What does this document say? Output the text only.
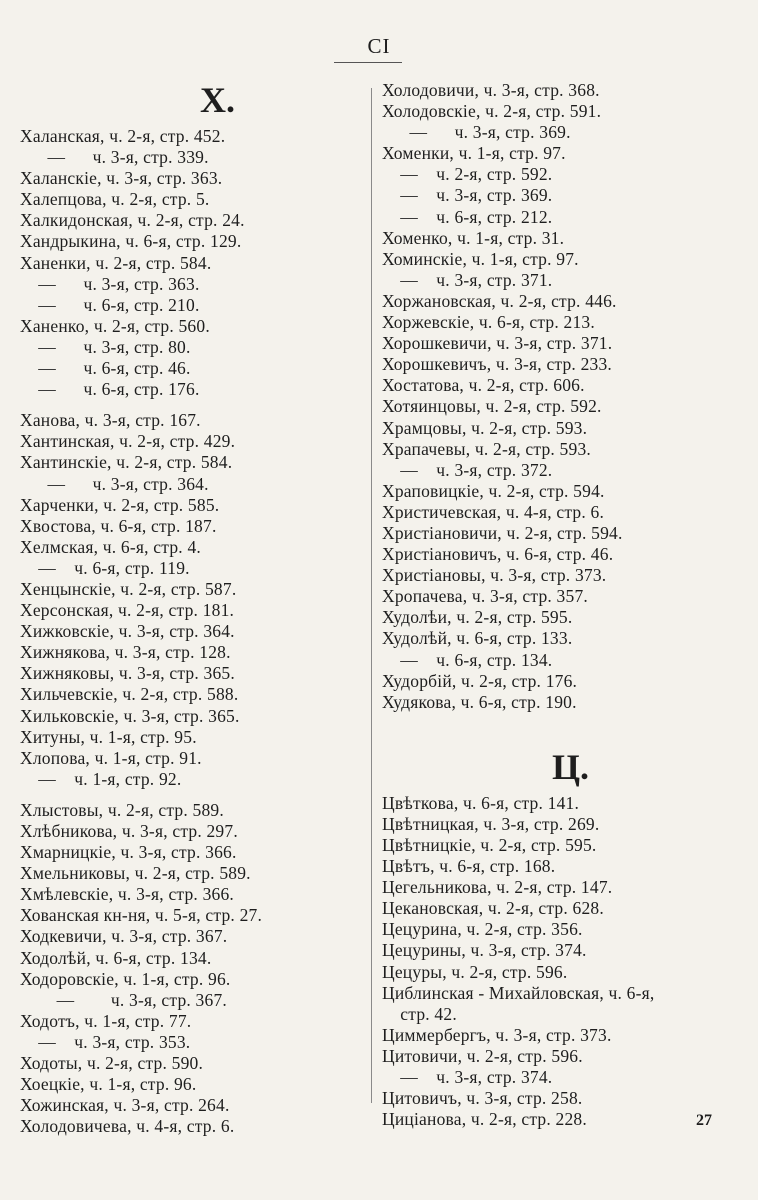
CI
X.
Халанская, ч. 2-я, стр. 452.
—      ч. 3-я, стр. 339.
Халанскiе, ч. 3-я, стр. 363.
Халепцова, ч. 2-я, стр. 5.
Халкидонская, ч. 2-я, стр. 24.
Хандрыкина, ч. 6-я, стр. 129.
Ханенки, ч. 2-я, стр. 584.
—      ч. 3-я, стр. 363.
—      ч. 6-я, стр. 210.
Ханенко, ч. 2-я, стр. 560.
—      ч. 3-я, стр. 80.
—      ч. 6-я, стр. 46.
—      ч. 6-я, стр. 176.
Ханова, ч. 3-я, стр. 167.
Хантинская, ч. 2-я, стр. 429.
Хантинскiе, ч. 2-я, стр. 584.
—      ч. 3-я, стр. 364.
Харченки, ч. 2-я, стр. 585.
Хвостова, ч. 6-я, стр. 187.
Хелмская, ч. 6-я, стр. 4.
—    ч. 6-я, стр. 119.
Хенцынскiе, ч. 2-я, стр. 587.
Херсонская, ч. 2-я, стр. 181.
Хижковскiе, ч. 3-я, стр. 364.
Хижнякова, ч. 3-я, стр. 128.
Хижняковы, ч. 3-я, стр. 365.
Хильчевскiе, ч. 2-я, стр. 588.
Хильковскiе, ч. 3-я, стр. 365.
Хитуны, ч. 1-я, стр. 95.
Хлопова, ч. 1-я, стр. 91.
—    ч. 1-я, стр. 92.
Хлыстовы, ч. 2-я, стр. 589.
Хлѣбникова, ч. 3-я, стр. 297.
Хмарницкiе, ч. 3-я, стр. 366.
Хмельниковы, ч. 2-я, стр. 589.
Хмѣлевскiе, ч. 3-я, стр. 366.
Хованская кн-ня, ч. 5-я, стр. 27.
Ходкевичи, ч. 3-я, стр. 367.
Ходолѣй, ч. 6-я, стр. 134.
Ходоровскiе, ч. 1-я, стр. 96.
—        ч. 3-я, стр. 367.
Ходотъ, ч. 1-я, стр. 77.
—    ч. 3-я, стр. 353.
Ходоты, ч. 2-я, стр. 590.
Хоецкiе, ч. 1-я, стр. 96.
Хожинская, ч. 3-я, стр. 264.
Холодовичева, ч. 4-я, стр. 6.
Холодовичи, ч. 3-я, стр. 368.
Холодовскiе, ч. 2-я, стр. 591.
—      ч. 3-я, стр. 369.
Хоменки, ч. 1-я, стр. 97.
—    ч. 2-я, стр. 592.
—    ч. 3-я, стр. 369.
—    ч. 6-я, стр. 212.
Хоменко, ч. 1-я, стр. 31.
Хоминскiе, ч. 1-я, стр. 97.
—    ч. 3-я, стр. 371.
Хоржановская, ч. 2-я, стр. 446.
Хоржевскiе, ч. 6-я, стр. 213.
Хорошкевичи, ч. 3-я, стр. 371.
Хорошкевичъ, ч. 3-я, стр. 233.
Хостатова, ч. 2-я, стр. 606.
Хотяинцовы, ч. 2-я, стр. 592.
Храмцовы, ч. 2-я, стр. 593.
Храпачевы, ч. 2-я, стр. 593.
—    ч. 3-я, стр. 372.
Храповицкiе, ч. 2-я, стр. 594.
Христичевская, ч. 4-я, стр. 6.
Христiановичи, ч. 2-я, стр. 594.
Христiановичъ, ч. 6-я, стр. 46.
Христiановы, ч. 3-я, стр. 373.
Хропачева, ч. 3-я, стр. 357.
Худолѣи, ч. 2-я, стр. 595.
Худолѣй, ч. 6-я, стр. 133.
—    ч. 6-я, стр. 134.
Худорбiй, ч. 2-я, стр. 176.
Худякова, ч. 6-я, стр. 190.
Ц.
Цвѣткова, ч. 6-я, стр. 141.
Цвѣтницкая, ч. 3-я, стр. 269.
Цвѣтницкiе, ч. 2-я, стр. 595.
Цвѣтъ, ч. 6-я, стр. 168.
Цегельникова, ч. 2-я, стр. 147.
Цекановская, ч. 2-я, стр. 628.
Цецурина, ч. 2-я, стр. 356.
Цецурины, ч. 3-я, стр. 374.
Цецуры, ч. 2-я, стр. 596.
Циблинская - Михайловская, ч. 6-я,
стр. 42.
Циммербергъ, ч. 3-я, стр. 373.
Цитовичи, ч. 2-я, стр. 596.
—    ч. 3-я, стр. 374.
Цитовичъ, ч. 3-я, стр. 258.
Цицiанова, ч. 2-я, стр. 228.	27
